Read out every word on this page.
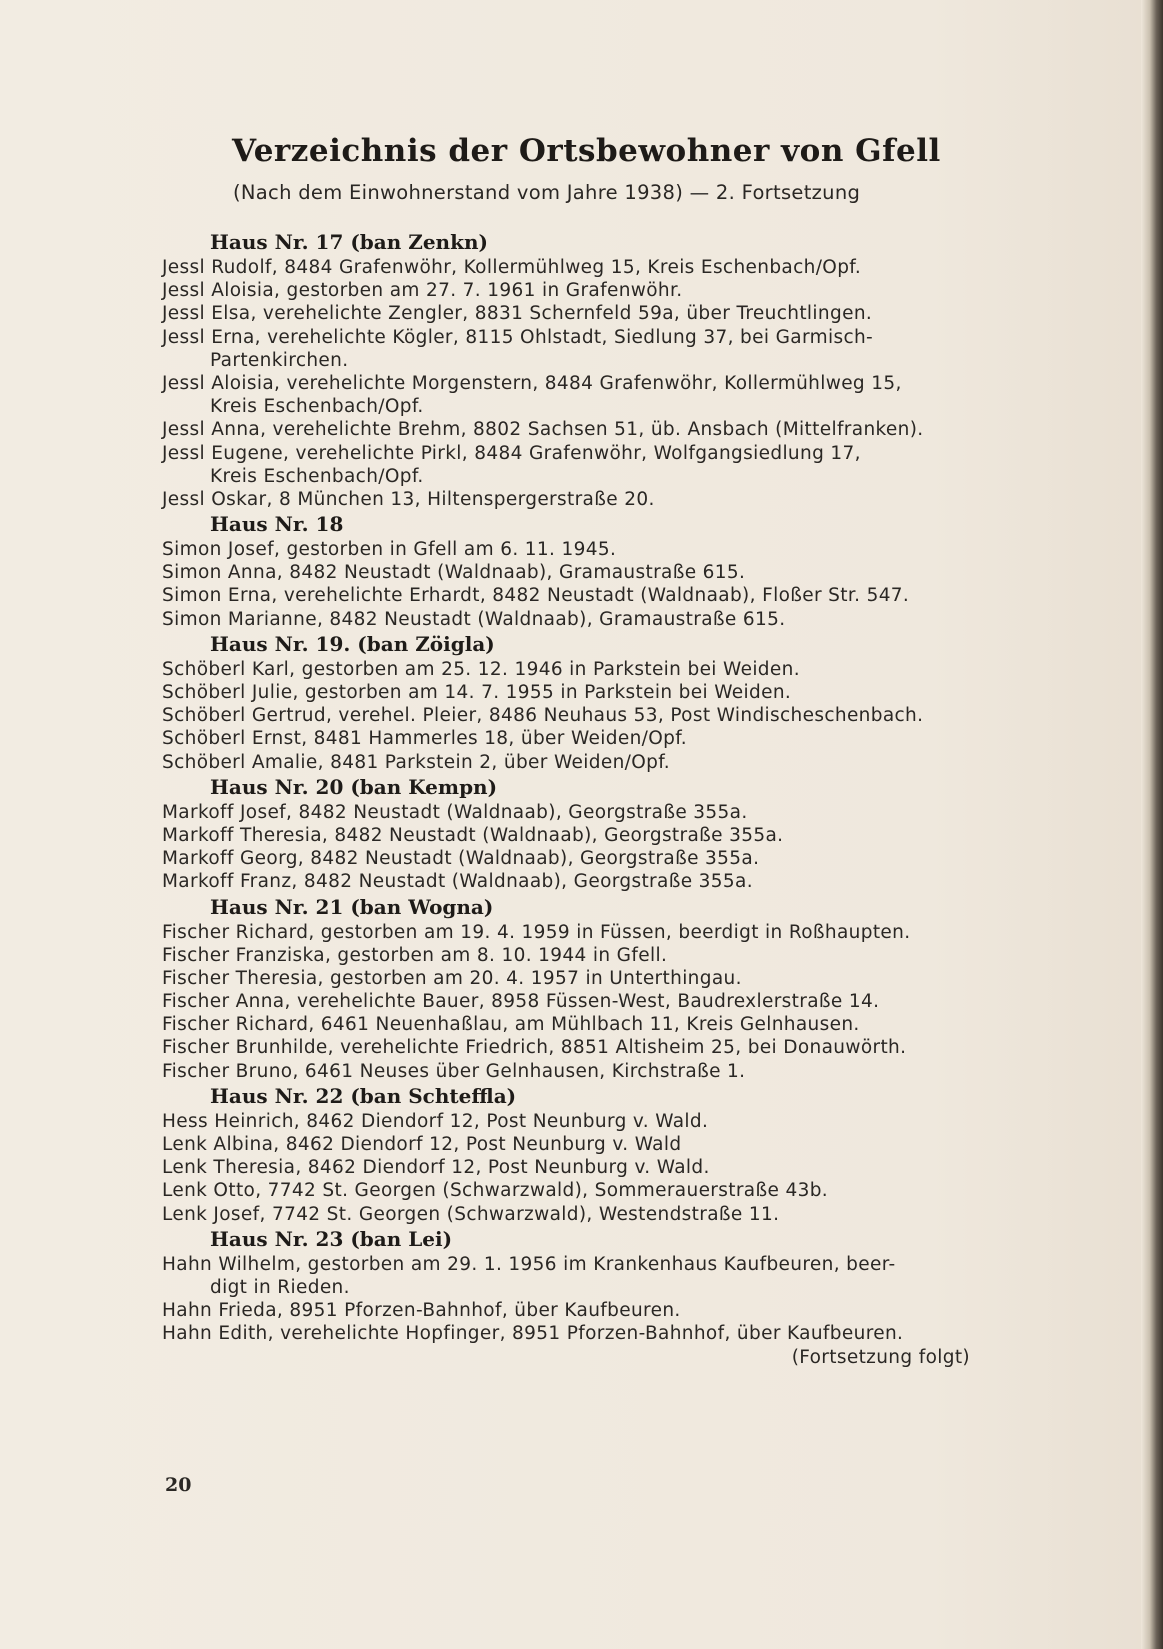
Verzeichnis der Ortsbewohner von Gfell
(Nach dem Einwohnerstand vom Jahre 1938) — 2. Fortsetzung
Haus Nr. 17 (ban Zenkn)
Jessl Rudolf, 8484 Grafenwöhr, Kollermühlweg 15, Kreis Eschenbach/Opf.
Jessl Aloisia, gestorben am 27. 7. 1961 in Grafenwöhr.
Jessl Elsa, verehelichte Zengler, 8831 Schernfeld 59a, über Treuchtlingen.
Jessl Erna, verehelichte Kögler, 8115 Ohlstadt, Siedlung 37, bei Garmisch-
Partenkirchen.
Jessl Aloisia, verehelichte Morgenstern, 8484 Grafenwöhr, Kollermühlweg 15,
Kreis Eschenbach/Opf.
Jessl Anna, verehelichte Brehm, 8802 Sachsen 51, üb. Ansbach (Mittelfranken).
Jessl Eugene, verehelichte Pirkl, 8484 Grafenwöhr, Wolfgangsiedlung 17,
Kreis Eschenbach/Opf.
Jessl Oskar, 8 München 13, Hiltenspergerstraße 20.
Haus Nr. 18
Simon Josef, gestorben in Gfell am 6. 11. 1945.
Simon Anna, 8482 Neustadt (Waldnaab), Gramaustraße 615.
Simon Erna, verehelichte Erhardt, 8482 Neustadt (Waldnaab), Floßer Str. 547.
Simon Marianne, 8482 Neustadt (Waldnaab), Gramaustraße 615.
Haus Nr. 19. (ban Zöigla)
Schöberl Karl, gestorben am 25. 12. 1946 in Parkstein bei Weiden.
Schöberl Julie, gestorben am 14. 7. 1955 in Parkstein bei Weiden.
Schöberl Gertrud, verehel. Pleier, 8486 Neuhaus 53, Post Windischeschenbach.
Schöberl Ernst, 8481 Hammerles 18, über Weiden/Opf.
Schöberl Amalie, 8481 Parkstein 2, über Weiden/Opf.
Haus Nr. 20 (ban Kempn)
Markoff Josef, 8482 Neustadt (Waldnaab), Georgstraße 355a.
Markoff Theresia, 8482 Neustadt (Waldnaab), Georgstraße 355a.
Markoff Georg, 8482 Neustadt (Waldnaab), Georgstraße 355a.
Markoff Franz, 8482 Neustadt (Waldnaab), Georgstraße 355a.
Haus Nr. 21 (ban Wogna)
Fischer Richard, gestorben am 19. 4. 1959 in Füssen, beerdigt in Roßhaupten.
Fischer Franziska, gestorben am 8. 10. 1944 in Gfell.
Fischer Theresia, gestorben am 20. 4. 1957 in Unterthingau.
Fischer Anna, verehelichte Bauer, 8958 Füssen-West, Baudrexlerstraße 14.
Fischer Richard, 6461 Neuenhaßlau, am Mühlbach 11, Kreis Gelnhausen.
Fischer Brunhilde, verehelichte Friedrich, 8851 Altisheim 25, bei Donauwörth.
Fischer Bruno, 6461 Neuses über Gelnhausen, Kirchstraße 1.
Haus Nr. 22 (ban Schteffla)
Hess Heinrich, 8462 Diendorf 12, Post Neunburg v. Wald.
Lenk Albina, 8462 Diendorf 12, Post Neunburg v. Wald
Lenk Theresia, 8462 Diendorf 12, Post Neunburg v. Wald.
Lenk Otto, 7742 St. Georgen (Schwarzwald), Sommerauerstraße 43b.
Lenk Josef, 7742 St. Georgen (Schwarzwald), Westendstraße 11.
Haus Nr. 23 (ban Lei)
Hahn Wilhelm, gestorben am 29. 1. 1956 im Krankenhaus Kaufbeuren, beer-
digt in Rieden.
Hahn Frieda, 8951 Pforzen-Bahnhof, über Kaufbeuren.
Hahn Edith, verehelichte Hopfinger, 8951 Pforzen-Bahnhof, über Kaufbeuren.
(Fortsetzung folgt)
20
